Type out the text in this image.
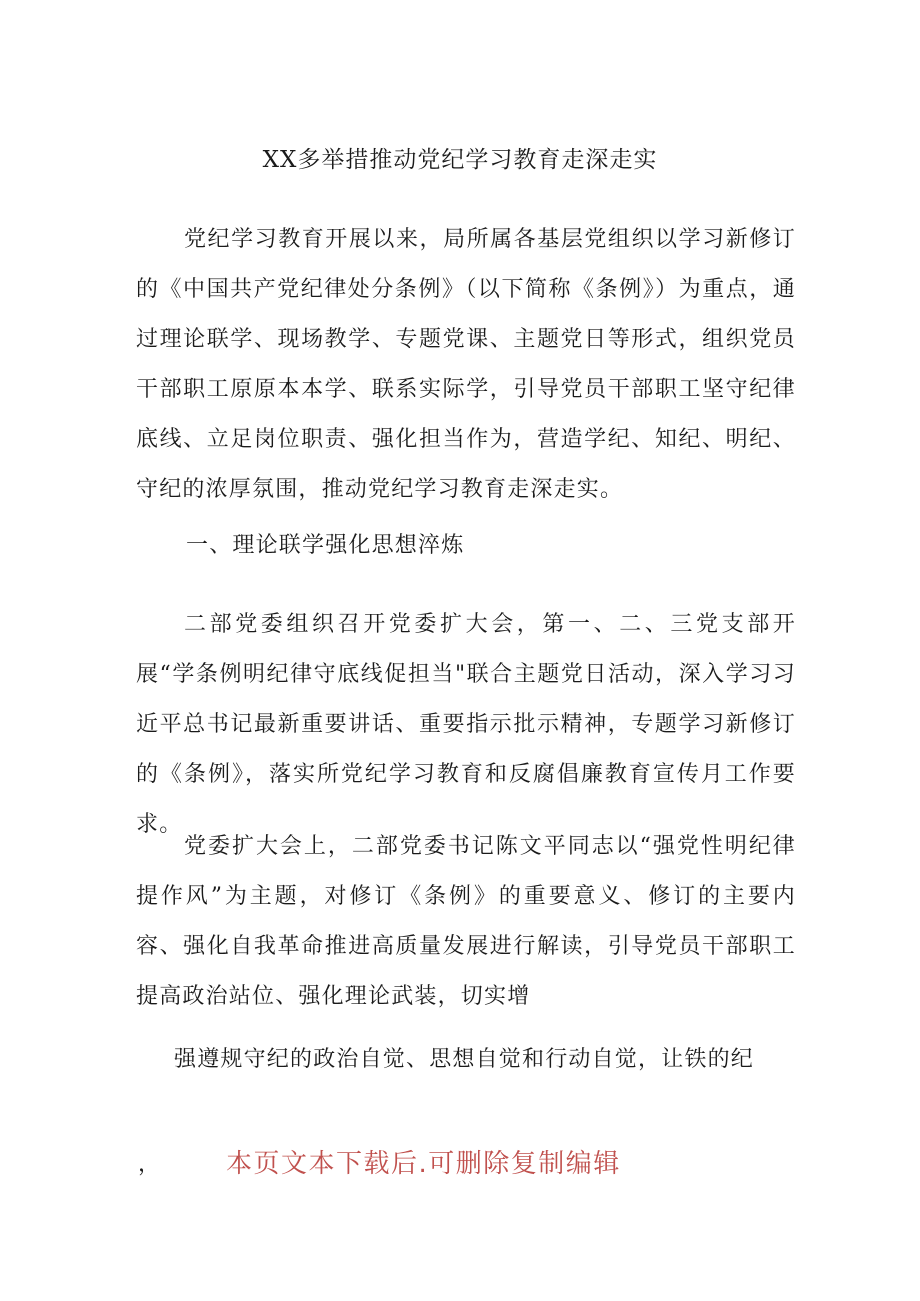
XX多举措推动党纪学习教育走深走实

党纪学习教育开展以来，局所属各基层党组织以学习新修订的《中国共产党纪律处分条例》（以下简称《条例》）为重点，通过理论联学、现场教学、专题党课、主题党日等形式，组织党员干部职工原原本本学、联系实际学，引导党员干部职工坚守纪律底线、立足岗位职责、强化担当作为，营造学纪、知纪、明纪、守纪的浓厚氛围，推动党纪学习教育走深走实。

一、理论联学强化思想淬炼

二部党委组织召开党委扩大会，第一、二、三党支部开展“学条例明纪律守底线促担当"联合主题党日活动，深入学习习近平总书记最新重要讲话、重要指示批示精神，专题学习新修订的《条例》，落实所党纪学习教育和反腐倡廉教育宣传月工作要求。

党委扩大会上，二部党委书记陈文平同志以“强党性明纪律提作风”为主题，对修订《条例》的重要意义、修订的主要内容、强化自我革命推进高质量发展进行解读，引导党员干部职工提高政治站位、强化理论武装，切实增

强遵规守纪的政治自觉、思想自觉和行动自觉，让铁的纪
，	本页文本下载后.可删除复制编辑
